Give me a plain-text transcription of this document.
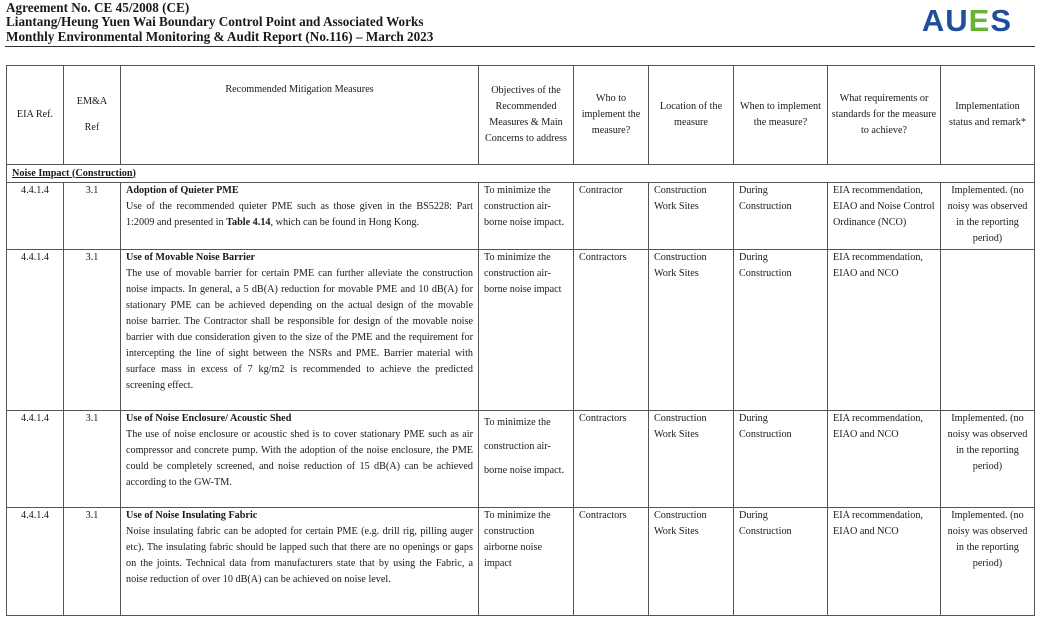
Agreement No. CE 45/2008 (CE)
Liantang/Heung Yuen Wai Boundary Control Point and Associated Works
Monthly Environmental Monitoring & Audit Report (No.116) – March 2023	AUES
EIA Ref.	EM&A Ref	Recommended Mitigation Measures	Objectives of the Recommended Measures & Main Concerns to address	Who to implement the measure?	Location of the measure	When to implement the measure?	What requirements or standards for the measure to achieve?	Implementation status and remark*
Noise Impact (Construction)								
4.4.1.4	3.1	Adoption of Quieter PME
Use of the recommended quieter PME such as those given in the BS5228: Part 1:2009 and presented in Table 4.14, which can be found in Hong Kong.	To minimize the construction air-borne noise impact.	Contractor	Construction Work Sites	During Construction	EIA recommendation, EIAO and Noise Control Ordinance (NCO)	Implemented. (no noisy was observed in the reporting period)
4.4.1.4	3.1	Use of Movable Noise Barrier
The use of movable barrier for certain PME can further alleviate the construction noise impacts. In general, a 5 dB(A) reduction for movable PME and 10 dB(A) for stationary PME can be achieved depending on the actual design of the movable noise barrier. The Contractor shall be responsible for design of the movable noise barrier with due consideration given to the size of the PME and the requirement for intercepting the line of sight between the NSRs and PME. Barrier material with surface mass in excess of 7 kg/m2 is recommended to achieve the predicted screening effect.	To minimize the construction air-borne noise impact	Contractors	Construction Work Sites	During Construction	EIA recommendation, EIAO and NCO	
4.4.1.4	3.1	Use of Noise Enclosure/ Acoustic Shed
The use of noise enclosure or acoustic shed is to cover stationary PME such as air compressor and concrete pump. With the adoption of the noise enclosure, the PME could be completely screened, and noise reduction of 15 dB(A) can be achieved according to the GW-TM.	To minimize the construction air-borne noise impact.	Contractors	Construction Work Sites	During Construction	EIA recommendation, EIAO and NCO	Implemented. (no noisy was observed in the reporting period)
4.4.1.4	3.1	Use of Noise Insulating Fabric
Noise insulating fabric can be adopted for certain PME (e.g. drill rig, pilling auger etc). The insulating fabric should be lapped such that there are no openings or gaps on the joints. Technical data from manufacturers state that by using the Fabric, a noise reduction of over 10 dB(A) can be achieved on noise level.	To minimize the construction airborne noise impact	Contractors	Construction Work Sites	During Construction	EIA recommendation, EIAO and NCO	Implemented. (no noisy was observed in the reporting period)
